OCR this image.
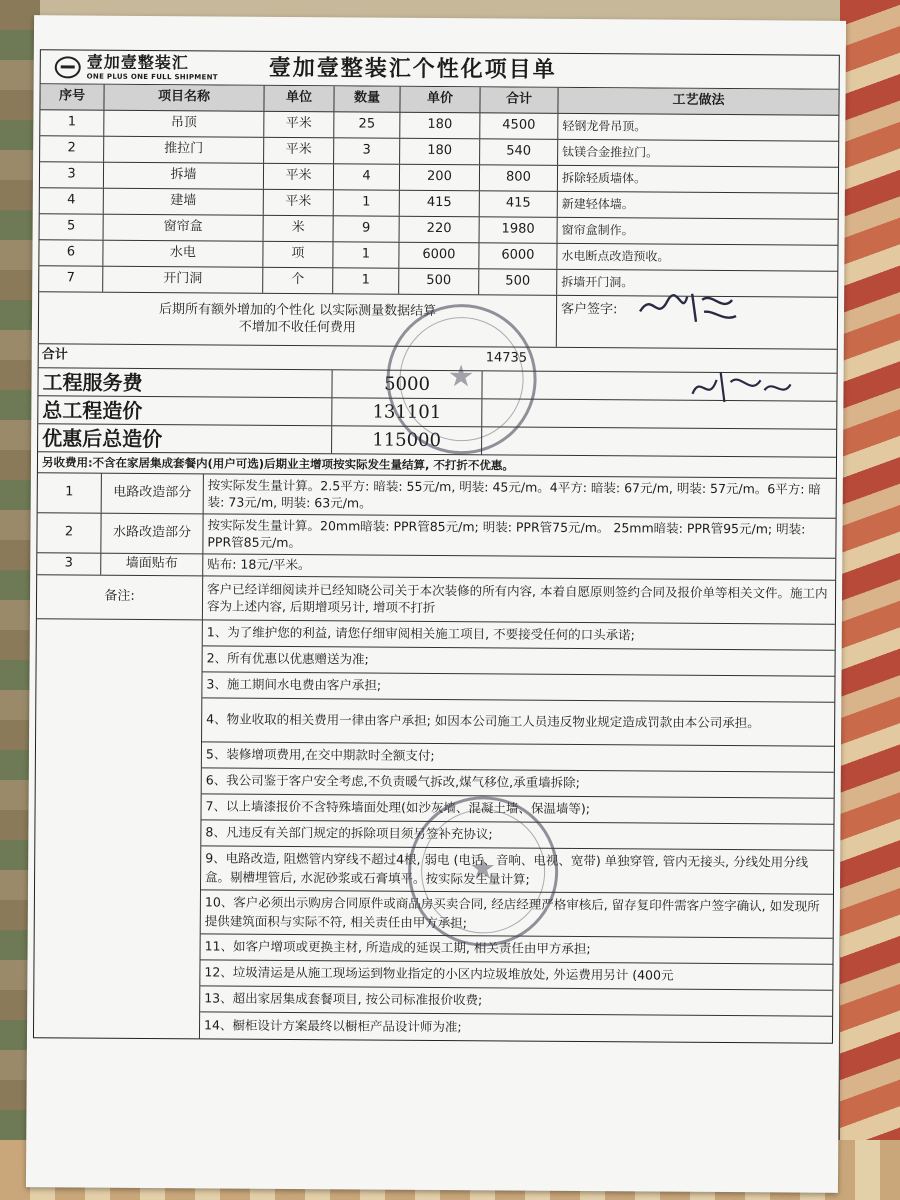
壹加壹整装汇
ONE PLUS ONE FULL SHIPMENT 壹加壹整装汇个性化项目单
序号	项目名称	单位	数量	单价	合计	工艺做法
1	吊顶	平米	25	180	4500	轻钢龙骨吊顶。
2	推拉门	平米	3	180	540	钛镁合金推拉门。
3	拆墙	平米	4	200	800	拆除轻质墙体。
4	建墙	平米	1	415	415	新建轻体墙。
5	窗帘盒	米	9	220	1980	窗帘盒制作。
6	水电	项	1	6000	6000	水电断点改造预收。
7	开门洞	个	1	500	500	拆墙开门洞。
后期所有额外增加的个性化 以实际测量数据结算
不增加不收任何费用
客户签字:
合计	14735
工程服务费	5000
总工程造价	131101
优惠后总造价	115000
另收费用:不含在家居集成套餐内(用户可选)后期业主增项按实际发生量结算, 不打折不优惠。
1	电路改造部分	按实际发生量计算。2.5平方: 暗装: 55元/m, 明装: 45元/m。4平方: 暗装: 67元/m, 明装: 57元/m。6平方: 暗装: 73元/m, 明装: 63元/m。
2	水路改造部分	按实际发生量计算。20mm暗装: PPR管85元/m; 明装: PPR管75元/m。 25mm暗装: PPR管95元/m; 明装: PPR管85元/m。
3	墙面贴布	贴布: 18元/平米。
备注:	客户已经详细阅读并已经知晓公司关于本次装修的所有内容, 本着自愿原则签约合同及报价单等相关文件。施工内容为上述内容, 后期增项另计, 增项不打折
1、为了维护您的利益, 请您仔细审阅相关施工项目, 不要接受任何的口头承诺;
2、所有优惠以优惠赠送为准;
3、施工期间水电费由客户承担;
4、物业收取的相关费用一律由客户承担; 如因本公司施工人员违反物业规定造成罚款由本公司承担。
5、装修增项费用,在交中期款时全额支付;
6、我公司鉴于客户安全考虑,不负责暖气拆改,煤气移位,承重墙拆除;
7、以上墙漆报价不含特殊墙面处理(如沙灰墙、混凝土墙、保温墙等);
8、凡违反有关部门规定的拆除项目须另签补充协议;
9、电路改造, 阻燃管内穿线不超过4根, 弱电 (电话、音响、电视、宽带) 单独穿管, 管内无接头, 分线处用分线盒。剔槽埋管后, 水泥砂浆或石膏填平。按实际发生量计算;
10、客户必须出示购房合同原件或商品房买卖合同, 经店经理严格审核后, 留存复印件需客户签字确认, 如发现所提供建筑面积与实际不符, 相关责任由甲方承担;
11、如客户增项或更换主材, 所造成的延误工期, 相关责任由甲方承担;
12、垃圾清运是从施工现场运到物业指定的小区内垃圾堆放处, 外运费用另计 (400元
13、超出家居集成套餐项目, 按公司标准报价收费;
14、橱柜设计方案最终以橱柜产品设计师为准;
★
★
